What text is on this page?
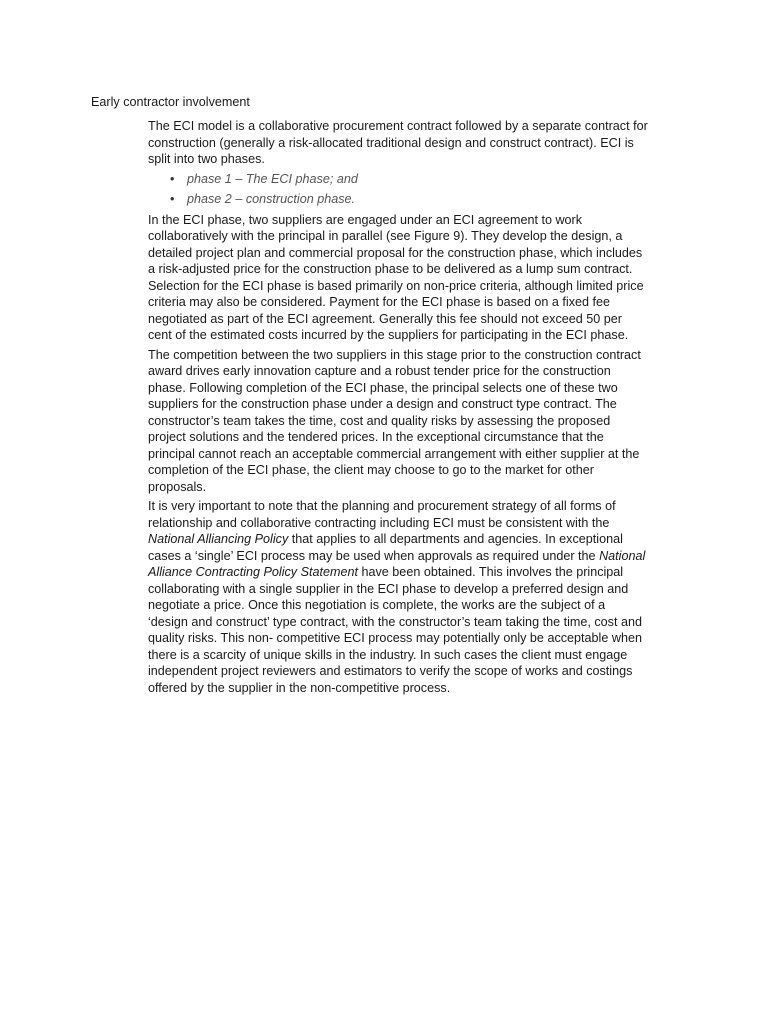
Early contractor involvement

The ECI model is a collaborative procurement contract followed by a separate contract for construction (generally a risk-allocated traditional design and construct contract). ECI is split into two phases.

• phase 1 – The ECI phase; and
• phase 2 – construction phase.

In the ECI phase, two suppliers are engaged under an ECI agreement to work collaboratively with the principal in parallel (see Figure 9). They develop the design, a detailed project plan and commercial proposal for the construction phase, which includes a risk-adjusted price for the construction phase to be delivered as a lump sum contract. Selection for the ECI phase is based primarily on non-price criteria, although limited price criteria may also be considered. Payment for the ECI phase is based on a fixed fee negotiated as part of the ECI agreement. Generally this fee should not exceed 50 per cent of the estimated costs incurred by the suppliers for participating in the ECI phase.

The competition between the two suppliers in this stage prior to the construction contract award drives early innovation capture and a robust tender price for the construction phase. Following completion of the ECI phase, the principal selects one of these two suppliers for the construction phase under a design and construct type contract. The constructor’s team takes the time, cost and quality risks by assessing the proposed project solutions and the tendered prices. In the exceptional circumstance that the principal cannot reach an acceptable commercial arrangement with either supplier at the completion of the ECI phase, the client may choose to go to the market for other proposals.

It is very important to note that the planning and procurement strategy of all forms of relationship and collaborative contracting including ECI must be consistent with the National Alliancing Policy that applies to all departments and agencies. In exceptional cases a ‘single’ ECI process may be used when approvals as required under the National Alliance Contracting Policy Statement have been obtained. This involves the principal collaborating with a single supplier in the ECI phase to develop a preferred design and negotiate a price. Once this negotiation is complete, the works are the subject of a ‘design and construct’ type contract, with the constructor’s team taking the time, cost and quality risks. This non- competitive ECI process may potentially only be acceptable when there is a scarcity of unique skills in the industry. In such cases the client must engage independent project reviewers and estimators to verify the scope of works and costings offered by the supplier in the non-competitive process.
